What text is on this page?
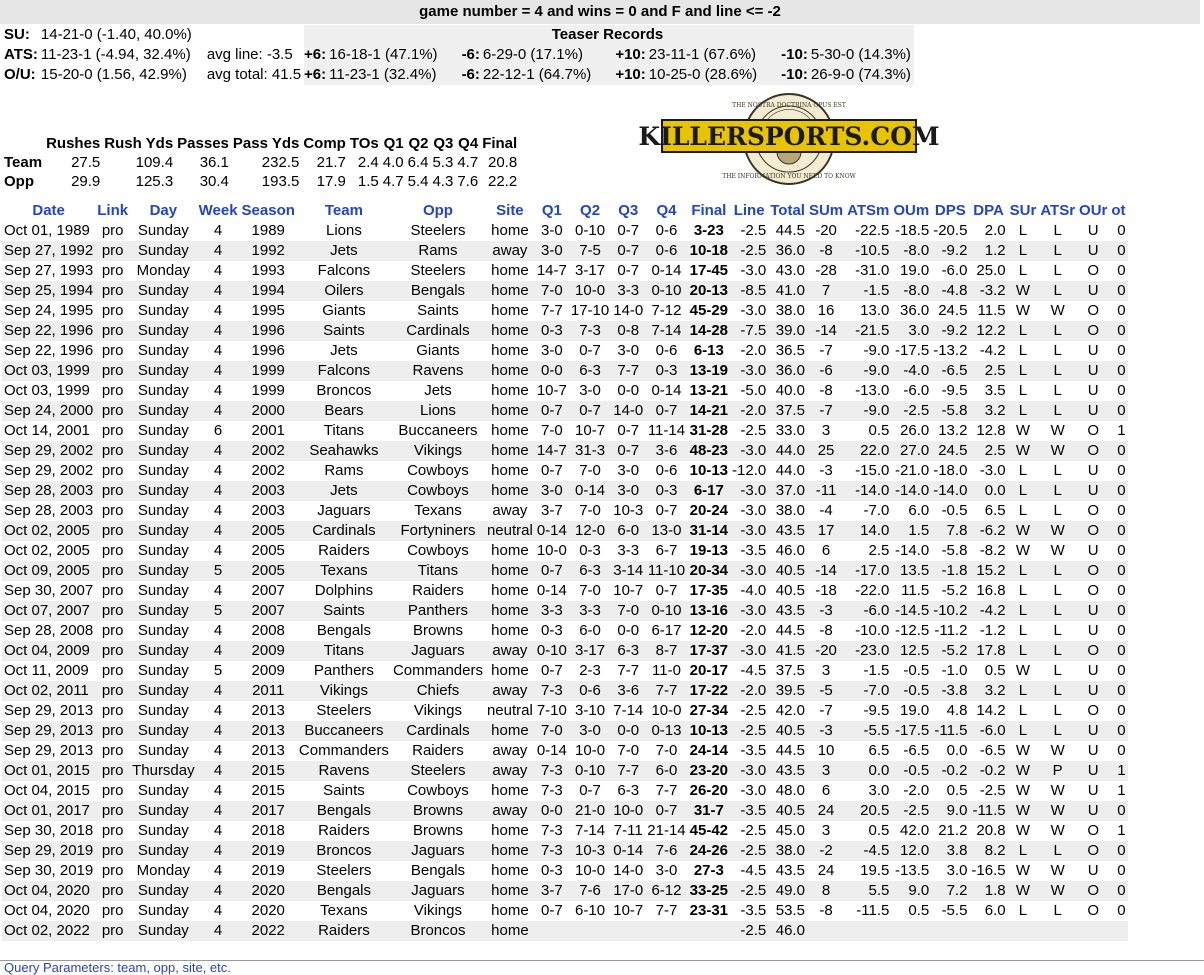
game number = 4 and wins = 0 and F and line <= -2
SU:	14-21-0 (-1.40, 40.0%)		Teaser Records							
ATS:	11-23-1 (-4.94, 32.4%)	avg line: -3.5	+6:	16-18-1 (47.1%)	-6:	6-29-0 (17.1%)	+10:	23-11-1 (67.6%)	-10:	5-30-0 (14.3%)
O/U:	15-20-0 (1.56, 42.9%)	avg total: 41.5	+6:	11-23-1 (32.4%)	-6:	22-12-1 (64.7%)	+10:	10-25-0 (28.6%)	-10:	26-9-0 (74.3%)
KILLERSPORTS.COM
THE NOSTRA DOCTRINA OPUS EST
THE INFORMATION YOU NEED TO KNOW
	Rushes	Rush Yds	Passes	Pass Yds	Comp	TOs	Q1	Q2	Q3	Q4	Final
Team	27.5	109.4	36.1	232.5	21.7	2.4	4.0	6.4	5.3	4.7	20.8
Opp	29.9	125.3	30.4	193.5	17.9	1.5	4.7	5.4	4.3	7.6	22.2
Date	Link	Day	Week	Season	Team	Opp	Site	Q1	Q2	Q3	Q4	Final	Line	Total	SUm	ATSm	OUm	DPS	DPA	SUr	ATSr	OUr	ot
Oct 01, 1989	pro	Sunday	4	1989	Lions	Steelers	home	3-0	0-10	0-7	0-6	3-23	-2.5	44.5	-20	-22.5	-18.5	-20.5	2.0	L	L	U	0
Sep 27, 1992	pro	Sunday	4	1992	Jets	Rams	away	3-0	7-5	0-7	0-6	10-18	-2.5	36.0	-8	-10.5	-8.0	-9.2	1.2	L	L	U	0
Sep 27, 1993	pro	Monday	4	1993	Falcons	Steelers	home	14-7	3-17	0-7	0-14	17-45	-3.0	43.0	-28	-31.0	19.0	-6.0	25.0	L	L	O	0
Sep 25, 1994	pro	Sunday	4	1994	Oilers	Bengals	home	7-0	10-0	3-3	0-10	20-13	-8.5	41.0	7	-1.5	-8.0	-4.8	-3.2	W	L	U	0
Sep 24, 1995	pro	Sunday	4	1995	Giants	Saints	home	7-7	17-10	14-0	7-12	45-29	-3.0	38.0	16	13.0	36.0	24.5	11.5	W	W	O	0
Sep 22, 1996	pro	Sunday	4	1996	Saints	Cardinals	home	0-3	7-3	0-8	7-14	14-28	-7.5	39.0	-14	-21.5	3.0	-9.2	12.2	L	L	O	0
Sep 22, 1996	pro	Sunday	4	1996	Jets	Giants	home	3-0	0-7	3-0	0-6	6-13	-2.0	36.5	-7	-9.0	-17.5	-13.2	-4.2	L	L	U	0
Oct 03, 1999	pro	Sunday	4	1999	Falcons	Ravens	home	0-0	6-3	7-7	0-3	13-19	-3.0	36.0	-6	-9.0	-4.0	-6.5	2.5	L	L	U	0
Oct 03, 1999	pro	Sunday	4	1999	Broncos	Jets	home	10-7	3-0	0-0	0-14	13-21	-5.0	40.0	-8	-13.0	-6.0	-9.5	3.5	L	L	U	0
Sep 24, 2000	pro	Sunday	4	2000	Bears	Lions	home	0-7	0-7	14-0	0-7	14-21	-2.0	37.5	-7	-9.0	-2.5	-5.8	3.2	L	L	U	0
Oct 14, 2001	pro	Sunday	6	2001	Titans	Buccaneers	home	7-0	10-7	0-7	11-14	31-28	-2.5	33.0	3	0.5	26.0	13.2	12.8	W	W	O	1
Sep 29, 2002	pro	Sunday	4	2002	Seahawks	Vikings	home	14-7	31-3	0-7	3-6	48-23	-3.0	44.0	25	22.0	27.0	24.5	2.5	W	W	O	0
Sep 29, 2002	pro	Sunday	4	2002	Rams	Cowboys	home	0-7	7-0	3-0	0-6	10-13	-12.0	44.0	-3	-15.0	-21.0	-18.0	-3.0	L	L	U	0
Sep 28, 2003	pro	Sunday	4	2003	Jets	Cowboys	home	3-0	0-14	3-0	0-3	6-17	-3.0	37.0	-11	-14.0	-14.0	-14.0	0.0	L	L	U	0
Sep 28, 2003	pro	Sunday	4	2003	Jaguars	Texans	away	3-7	7-0	10-3	0-7	20-24	-3.0	38.0	-4	-7.0	6.0	-0.5	6.5	L	L	O	0
Oct 02, 2005	pro	Sunday	4	2005	Cardinals	Fortyniners	neutral	0-14	12-0	6-0	13-0	31-14	-3.0	43.5	17	14.0	1.5	7.8	-6.2	W	W	O	0
Oct 02, 2005	pro	Sunday	4	2005	Raiders	Cowboys	home	10-0	0-3	3-3	6-7	19-13	-3.5	46.0	6	2.5	-14.0	-5.8	-8.2	W	W	U	0
Oct 09, 2005	pro	Sunday	5	2005	Texans	Titans	home	0-7	6-3	3-14	11-10	20-34	-3.0	40.5	-14	-17.0	13.5	-1.8	15.2	L	L	O	0
Sep 30, 2007	pro	Sunday	4	2007	Dolphins	Raiders	home	0-14	7-0	10-7	0-7	17-35	-4.0	40.5	-18	-22.0	11.5	-5.2	16.8	L	L	O	0
Oct 07, 2007	pro	Sunday	5	2007	Saints	Panthers	home	3-3	3-3	7-0	0-10	13-16	-3.0	43.5	-3	-6.0	-14.5	-10.2	-4.2	L	L	U	0
Sep 28, 2008	pro	Sunday	4	2008	Bengals	Browns	home	0-3	6-0	0-0	6-17	12-20	-2.0	44.5	-8	-10.0	-12.5	-11.2	-1.2	L	L	U	0
Oct 04, 2009	pro	Sunday	4	2009	Titans	Jaguars	away	0-10	3-17	6-3	8-7	17-37	-3.0	41.5	-20	-23.0	12.5	-5.2	17.8	L	L	O	0
Oct 11, 2009	pro	Sunday	5	2009	Panthers	Commanders	home	0-7	2-3	7-7	11-0	20-17	-4.5	37.5	3	-1.5	-0.5	-1.0	0.5	W	L	U	0
Oct 02, 2011	pro	Sunday	4	2011	Vikings	Chiefs	away	7-3	0-6	3-6	7-7	17-22	-2.0	39.5	-5	-7.0	-0.5	-3.8	3.2	L	L	U	0
Sep 29, 2013	pro	Sunday	4	2013	Steelers	Vikings	neutral	7-10	3-10	7-14	10-0	27-34	-2.5	42.0	-7	-9.5	19.0	4.8	14.2	L	L	O	0
Sep 29, 2013	pro	Sunday	4	2013	Buccaneers	Cardinals	home	7-0	3-0	0-0	0-13	10-13	-2.5	40.5	-3	-5.5	-17.5	-11.5	-6.0	L	L	U	0
Sep 29, 2013	pro	Sunday	4	2013	Commanders	Raiders	away	0-14	10-0	7-0	7-0	24-14	-3.5	44.5	10	6.5	-6.5	0.0	-6.5	W	W	U	0
Oct 01, 2015	pro	Thursday	4	2015	Ravens	Steelers	away	7-3	0-10	7-7	6-0	23-20	-3.0	43.5	3	0.0	-0.5	-0.2	-0.2	W	P	U	1
Oct 04, 2015	pro	Sunday	4	2015	Saints	Cowboys	home	7-3	0-7	6-3	7-7	26-20	-3.0	48.0	6	3.0	-2.0	0.5	-2.5	W	W	U	1
Oct 01, 2017	pro	Sunday	4	2017	Bengals	Browns	away	0-0	21-0	10-0	0-7	31-7	-3.5	40.5	24	20.5	-2.5	9.0	-11.5	W	W	U	0
Sep 30, 2018	pro	Sunday	4	2018	Raiders	Browns	home	7-3	7-14	7-11	21-14	45-42	-2.5	45.0	3	0.5	42.0	21.2	20.8	W	W	O	1
Sep 29, 2019	pro	Sunday	4	2019	Broncos	Jaguars	home	7-3	10-3	0-14	7-6	24-26	-2.5	38.0	-2	-4.5	12.0	3.8	8.2	L	L	O	0
Sep 30, 2019	pro	Monday	4	2019	Steelers	Bengals	home	0-3	10-0	14-0	3-0	27-3	-4.5	43.5	24	19.5	-13.5	3.0	-16.5	W	W	U	0
Oct 04, 2020	pro	Sunday	4	2020	Bengals	Jaguars	home	3-7	7-6	17-0	6-12	33-25	-2.5	49.0	8	5.5	9.0	7.2	1.8	W	W	O	0
Oct 04, 2020	pro	Sunday	4	2020	Texans	Vikings	home	0-7	6-10	10-7	7-7	23-31	-3.5	53.5	-8	-11.5	0.5	-5.5	6.0	L	L	O	0
Oct 02, 2022	pro	Sunday	4	2022	Raiders	Broncos	home						-2.5	46.0									
Query Parameters: team, opp, site, etc.
